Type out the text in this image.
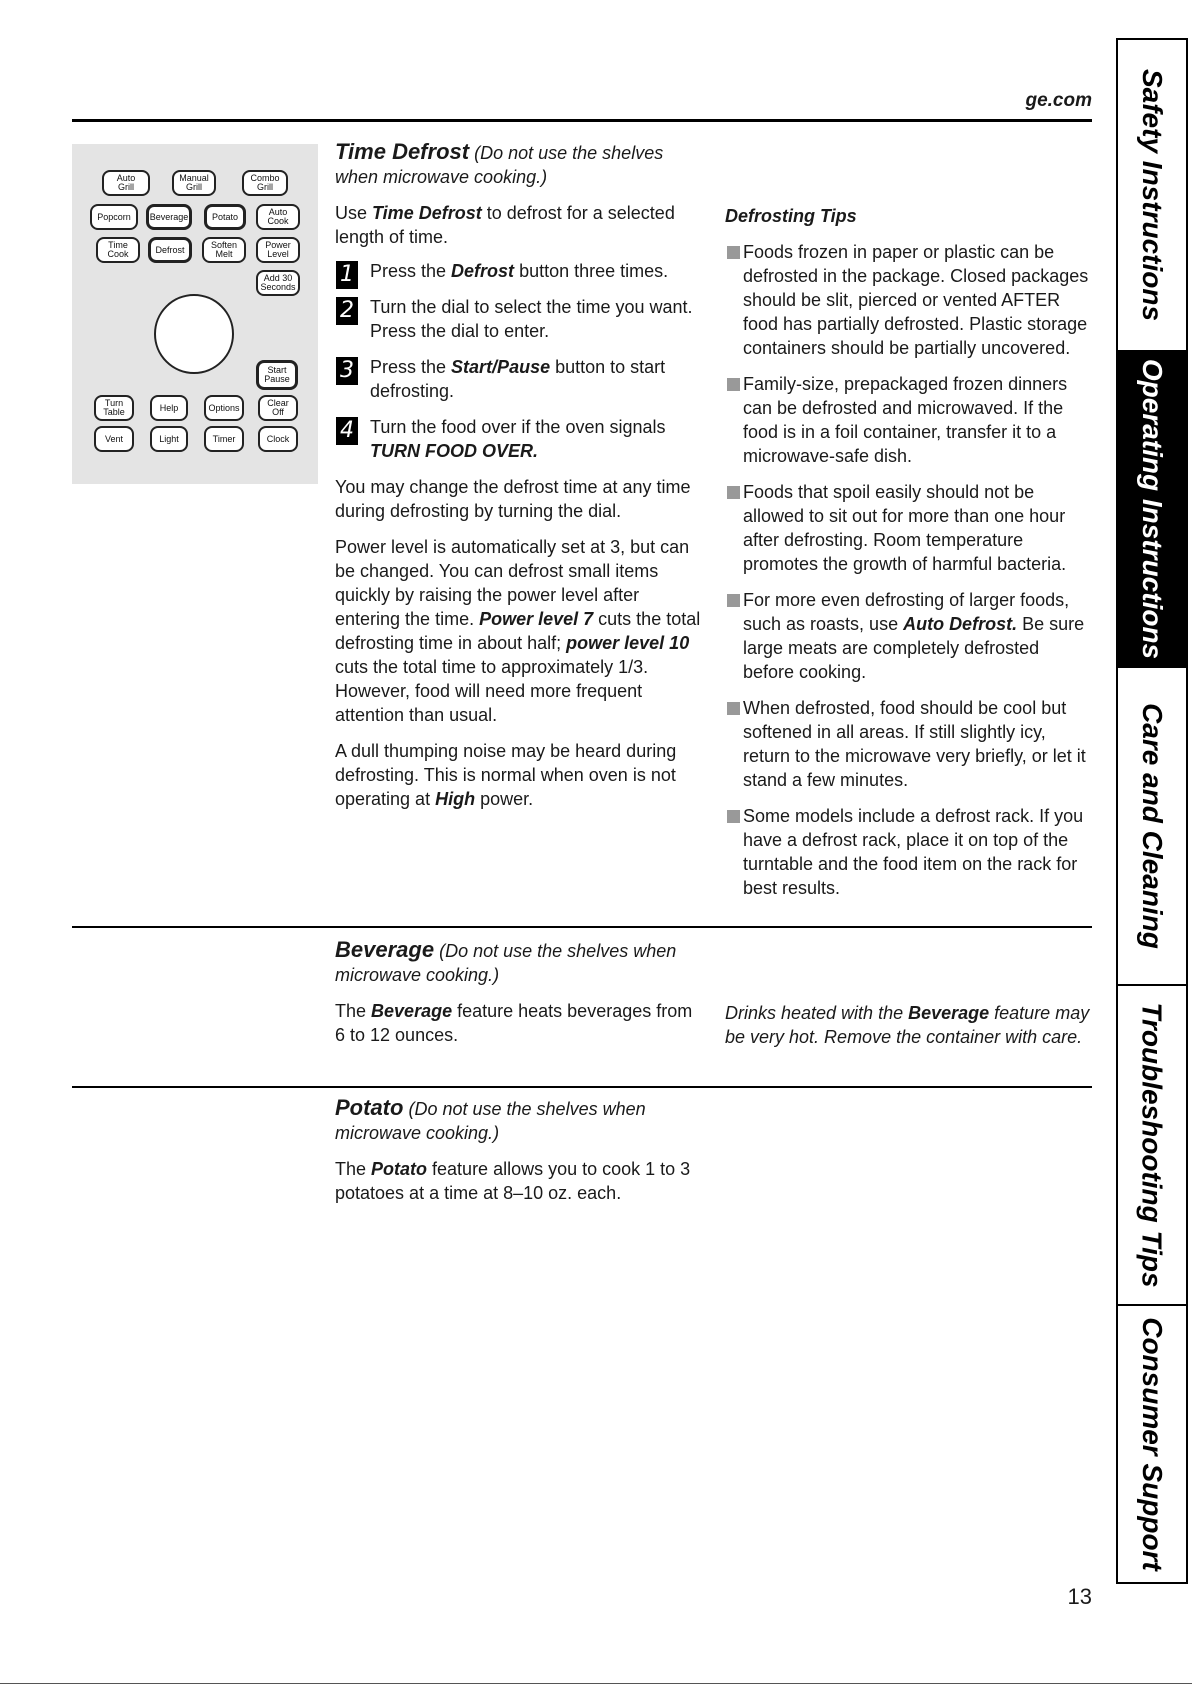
ge.com
Auto
Grill
Manual
Grill
Combo
Grill
Popcorn	Beverage	Potato	Auto
Cook
Time
Cook	Defrost	Soften
Melt
Power
Level
Add 30
Seconds
Start
Pause
Turn
Table	Help	Options	Clear
Off
Vent	Light	Timer	Clock

Time Defrost (Do not use the shelves when microwave cooking.)

Use Time Defrost to defrost for a selected length of time.

1 Press the Defrost button three times.
2 Turn the dial to select the time you want. Press the dial to enter.
3 Press the Start/Pause button to start defrosting.
4 Turn the food over if the oven signals TURN FOOD OVER.

You may change the defrost time at any time during defrosting by turning the dial.

Power level is automatically set at 3, but can be changed. You can defrost small items quickly by raising the power level after entering the time. Power level 7 cuts the total defrosting time in about half; power level 10 cuts the total time to approximately 1/3. However, food will need more frequent attention than usual.

A dull thumping noise may be heard during defrosting. This is normal when oven is not operating at High power.

Defrosting Tips

Foods frozen in paper or plastic can be defrosted in the package. Closed packages should be slit, pierced or vented AFTER food has partially defrosted. Plastic storage containers should be partially uncovered.
Family-size, prepackaged frozen dinners can be defrosted and microwaved. If the food is in a foil container, transfer it to a microwave-safe dish.
Foods that spoil easily should not be allowed to sit out for more than one hour after defrosting. Room temperature promotes the growth of harmful bacteria.
For more even defrosting of larger foods, such as roasts, use Auto Defrost. Be sure large meats are completely defrosted before cooking.
When defrosted, food should be cool but softened in all areas. If still slightly icy, return to the microwave very briefly, or let it stand a few minutes.
Some models include a defrost rack. If you have a defrost rack, place it on top of the turntable and the food item on the rack for best results.

Beverage (Do not use the shelves when microwave cooking.)

The Beverage feature heats beverages from 6 to 12 ounces.

Drinks heated with the Beverage feature may be very hot. Remove the container with care.

Potato (Do not use the shelves when microwave cooking.)

The Potato feature allows you to cook 1 to 3 potatoes at a time at 8–10 oz. each.

Safety Instructions
Operating Instructions
Care and Cleaning
Troubleshooting Tips
Consumer Support
13
